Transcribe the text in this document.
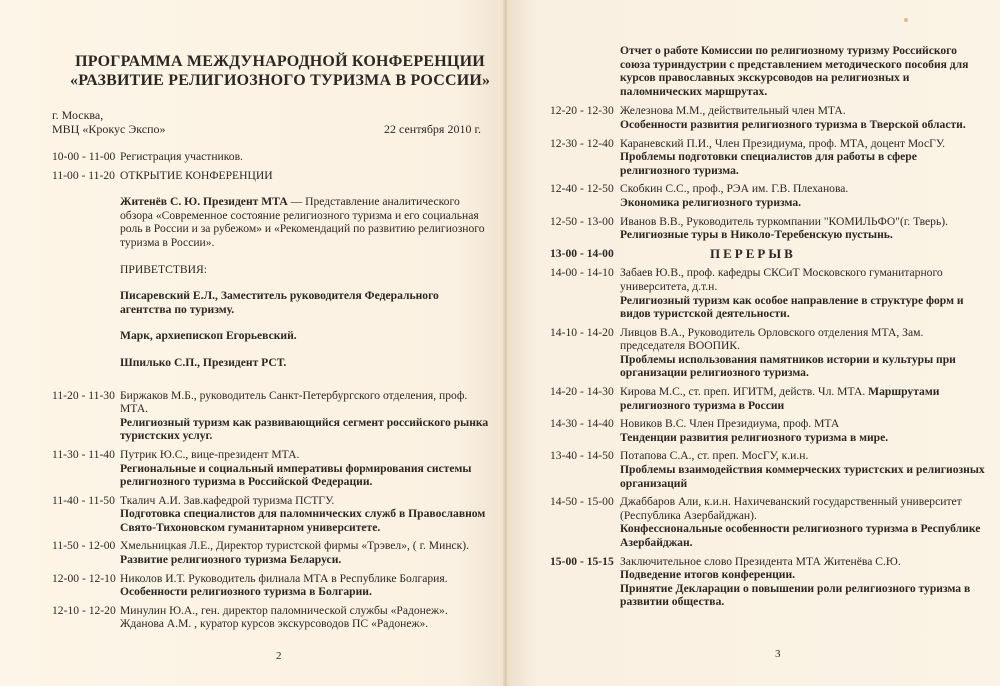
ПРОГРАММА МЕЖДУНАРОДНОЙ КОНФЕРЕНЦИИ
«РАЗВИТИЕ РЕЛИГИОЗНОГО ТУРИЗМА В РОССИИ»
г. Москва,
МВЦ «Крокус Экспо»	22 сентября 2010 г.
10-00 - 11-00 Регистрация участников.
11-00 - 11-20 ОТКРЫТИЕ КОНФЕРЕНЦИИ
Житенёв С. Ю. Президент МТА — Представление аналитического обзора «Современное состояние религиозного туризма и его социальная роль в России и за рубежом» и «Рекомендаций по развитию религиозного туризма в России».
ПРИВЕТСТВИЯ:
Писаревский Е.Л., Заместитель руководителя Федерального агентства по туризму.
Марк, архиепископ Егорьевский.
Шпилько С.П., Президент РСТ.
11-20 - 11-30 Биржаков М.Б., руководитель Санкт-Петербургского отделения, проф. МТА.
Религиозный туризм как развивающийся сегмент российского рынка туристских услуг.
11-30 - 11-40 Путрик Ю.С., вице-президент МТА.
Региональные и социальный императивы формирования системы религиозного туризма в Российской Федерации.
11-40 - 11-50 Ткалич А.И. Зав.кафедрой туризма ПСТГУ.
Подготовка специалистов для паломнических служб в Православном Свято-Тихоновском гуманитарном университете.
11-50 - 12-00 Хмельницкая Л.Е., Директор туристской фирмы «Трэвел», ( г. Минск).
Развитие религиозного туризма Беларуси.
12-00 - 12-10 Николов И.Т. Руководитель филиала МТА в Республике Болгария.
Особенности религиозного туризма в Болгарии.
12-10 - 12-20 Минулин Ю.А., ген. директор паломнической службы «Радонеж».
Жданова А.М. , куратор курсов экскурсоводов ПС «Радонеж».
2
Отчет о работе Комиссии по религиозному туризму Российского союза туриндустрии с представлением методического пособия для курсов православных экскурсоводов на религиозных и паломнических маршрутах.
12-20 - 12-30 Железнова М.М., действительный член МТА.
Особенности развития религиозного туризма в Тверской области.
12-30 - 12-40 Караневский П.И., Член Президиума, проф. МТА, доцент МосГУ.
Проблемы подготовки специалистов для работы в сфере религиозного туризма.
12-40 - 12-50 Скобкин С.С., проф., РЭА им. Г.В. Плеханова.
Экономика религиозного туризма.
12-50 - 13-00 Иванов В.В., Руководитель туркомпании "КОМИЛЬФО"(г. Тверь).
Религиозные туры в Николо-Теребенскую пустынь.
13-00 - 14-00	ПЕРЕРЫВ
14-00 - 14-10 Забаев Ю.В., проф. кафедры СКСиТ Московского гуманитарного университета, д.т.н.
Религиозный туризм как особое направление в структуре форм и видов туристской деятельности.
14-10 - 14-20 Ливцов В.А., Руководитель Орловского отделения МТА, Зам. председателя ВООПИК.
Проблемы использования памятников истории и культуры при организации религиозного туризма.
14-20 - 14-30 Кирова М.С., ст. преп. ИГИТМ, действ. Чл. МТА. Маршрутами
религиозного туризма в России
14-30 - 14-40 Новиков В.С. Член Президиума, проф. МТА
Тенденции развития религиозного туризма в мире.
13-40 - 14-50 Потапова С.А., ст. преп. МосГУ, к.и.н.
Проблемы взаимодействия коммерческих туристских и религиозных организаций
14-50 - 15-00 Джаббаров Али, к.и.н. Нахичеванский государственный университет (Республика Азербайджан).
Конфессиональные особенности религиозного туризма в Республике Азербайджан.
15-00 - 15-15 Заключительное слово Президента МТА Житенёва С.Ю.
Подведение итогов конференции.
Принятие Декларации о повышении роли религиозного туризма в развитии общества.
3
